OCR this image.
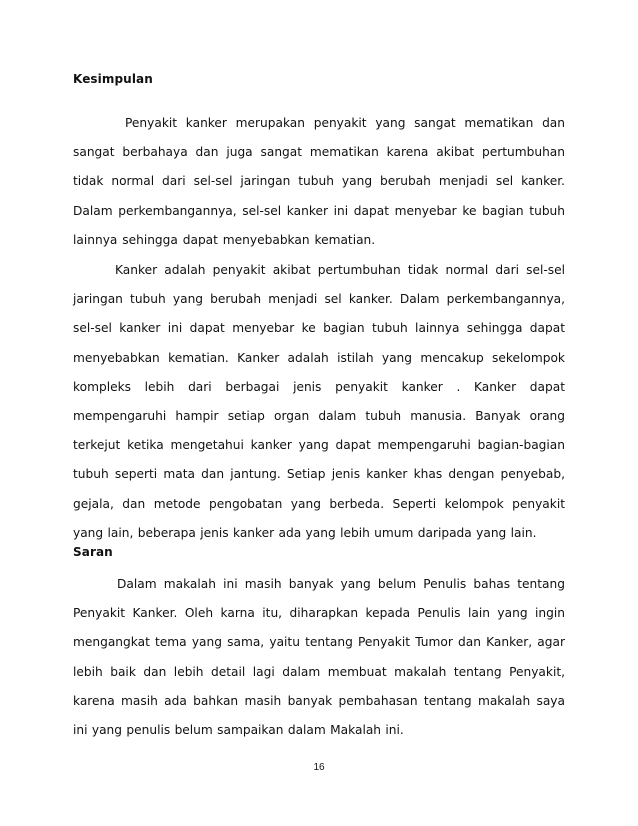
Kesimpulan

Penyakit kanker merupakan penyakit yang sangat mematikan dan sangat berbahaya dan juga sangat mematikan karena akibat pertumbuhan tidak normal dari sel-sel jaringan tubuh yang berubah menjadi sel kanker. Dalam perkembangannya, sel-sel kanker ini dapat menyebar ke bagian tubuh lainnya sehingga dapat menyebabkan kematian.

Kanker adalah penyakit akibat pertumbuhan tidak normal dari sel-sel jaringan tubuh yang berubah menjadi sel kanker. Dalam perkembangannya, sel-sel kanker ini dapat menyebar ke bagian tubuh lainnya sehingga dapat menyebabkan kematian. Kanker adalah istilah yang mencakup sekelompok kompleks lebih dari berbagai jenis penyakit kanker . Kanker dapat mempengaruhi hampir setiap organ dalam tubuh manusia. Banyak orang terkejut ketika mengetahui kanker yang dapat mempengaruhi bagian-bagian tubuh seperti mata dan jantung. Setiap jenis kanker khas dengan penyebab, gejala, dan metode pengobatan yang berbeda. Seperti kelompok penyakit yang lain, beberapa jenis kanker ada yang lebih umum daripada yang lain.

Saran

Dalam makalah ini masih banyak yang belum Penulis bahas tentang Penyakit Kanker. Oleh karna itu, diharapkan kepada Penulis lain yang ingin mengangkat tema yang sama, yaitu tentang Penyakit Tumor dan Kanker, agar lebih baik dan lebih detail lagi dalam membuat makalah tentang Penyakit, karena masih ada bahkan masih banyak pembahasan tentang makalah saya ini yang penulis belum sampaikan dalam Makalah ini.

16
